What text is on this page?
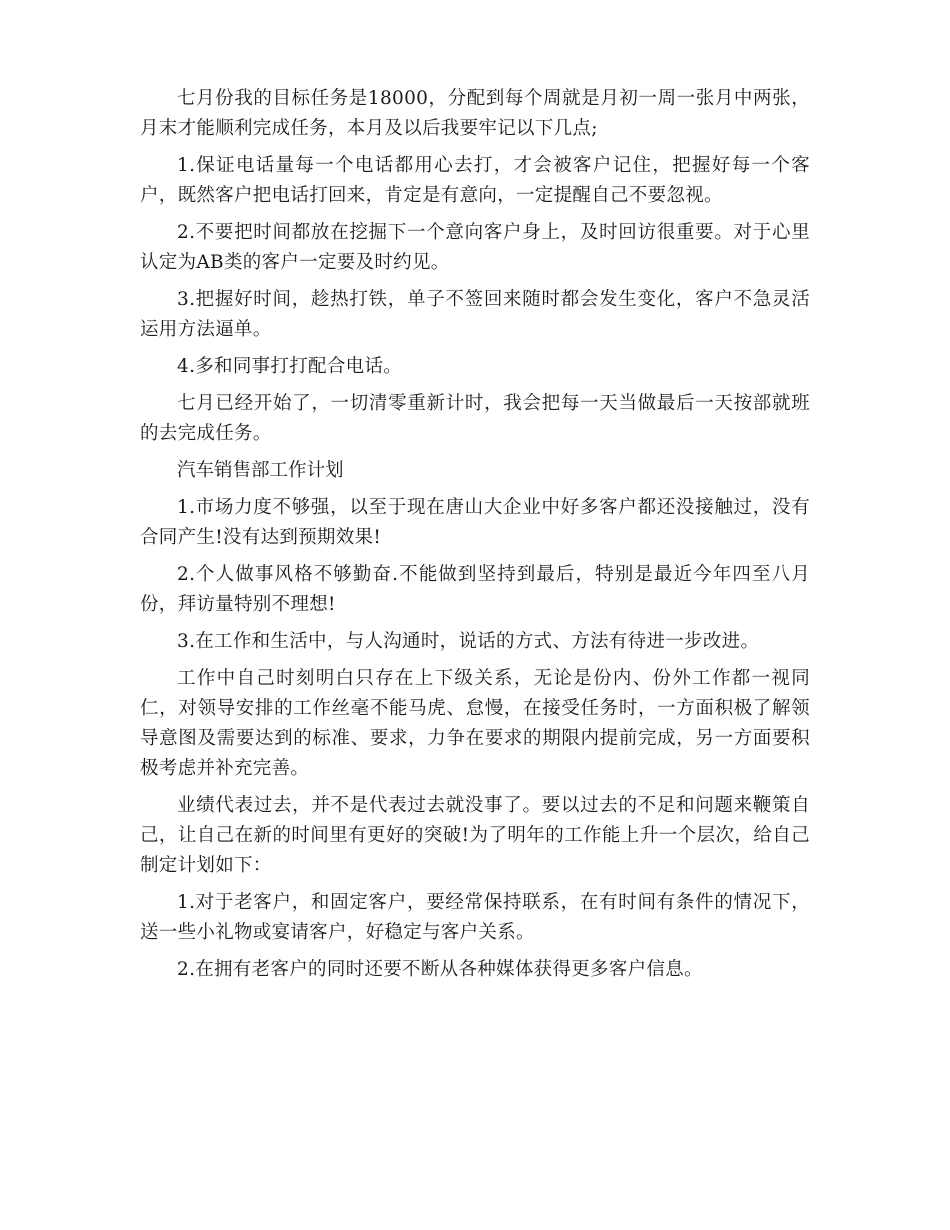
七月份我的目标任务是18000，分配到每个周就是月初一周一张月中两张，月末才能顺利完成任务，本月及以后我要牢记以下几点;

1.保证电话量每一个电话都用心去打，才会被客户记住，把握好每一个客户，既然客户把电话打回来，肯定是有意向，一定提醒自己不要忽视。

2.不要把时间都放在挖掘下一个意向客户身上，及时回访很重要。对于心里认定为AB类的客户一定要及时约见。

3.把握好时间，趁热打铁，单子不签回来随时都会发生变化，客户不急灵活运用方法逼单。

4.多和同事打打配合电话。

七月已经开始了，一切清零重新计时，我会把每一天当做最后一天按部就班的去完成任务。

汽车销售部工作计划

1.市场力度不够强，以至于现在唐山大企业中好多客户都还没接触过，没有合同产生!没有达到预期效果!

2.个人做事风格不够勤奋.不能做到坚持到最后，特别是最近今年四至八月份，拜访量特别不理想!

3.在工作和生活中，与人沟通时，说话的方式、方法有待进一步改进。

工作中自己时刻明白只存在上下级关系，无论是份内、份外工作都一视同仁，对领导安排的工作丝毫不能马虎、怠慢，在接受任务时，一方面积极了解领导意图及需要达到的标准、要求，力争在要求的期限内提前完成，另一方面要积极考虑并补充完善。

业绩代表过去，并不是代表过去就没事了。要以过去的不足和问题来鞭策自己，让自己在新的时间里有更好的突破!为了明年的工作能上升一个层次，给自己制定计划如下：

1.对于老客户，和固定客户，要经常保持联系，在有时间有条件的情况下，送一些小礼物或宴请客户，好稳定与客户关系。

2.在拥有老客户的同时还要不断从各种媒体获得更多客户信息。
